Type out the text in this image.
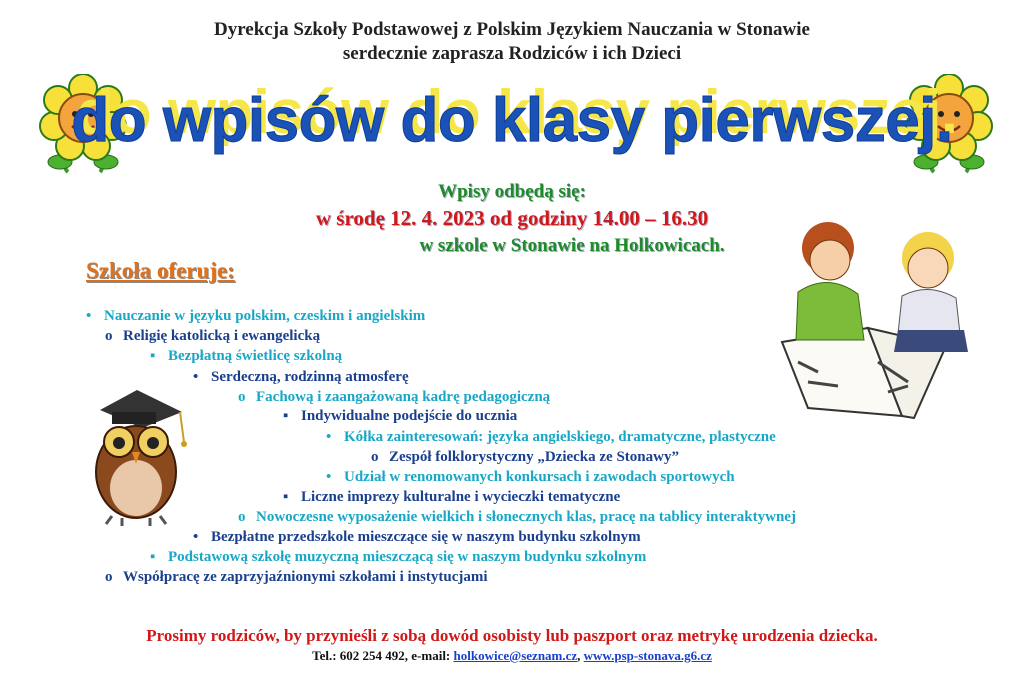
Dyrekcja Szkoły Podstawowej z Polskim Językiem Nauczania w Stonawie
serdecznie zaprasza Rodziców i ich Dzieci
do wpisów do klasy pierwszej.
Wpisy odbędą się:
w środę 12. 4. 2023 od godziny 14.00 – 16.30
w szkole w Stonawie na Holkowicach.
Szkoła oferuje:
• Nauczanie w języku polskim, czeskim i angielskim
o Religię katolicką i ewangelicką
▪ Bezpłatną świetlicę szkolną
• Serdeczną, rodzinną atmosferę
o Fachową i zaangażowaną kadrę pedagogiczną
▪ Indywidualne podejście do ucznia
• Kółka zainteresowań: języka angielskiego, dramatyczne, plastyczne
o Zespół folklorystyczny „Dziecka ze Stonawy”
• Udział w renomowanych konkursach i zawodach sportowych
▪ Liczne imprezy kulturalne i wycieczki tematyczne
o Nowoczesne wyposażenie wielkich i słonecznych klas, pracę na tablicy interaktywnej
• Bezpłatne przedszkole mieszczące się w naszym budynku szkolnym
▪ Podstawową szkołę muzyczną mieszczącą się w naszym budynku szkolnym
o Współpracę ze zaprzyjaźnionymi szkołami i instytucjami
Prosimy rodziców, by przynieśli z sobą dowód osobisty lub paszport oraz metrykę urodzenia dziecka.
Tel.: 602 254 492, e-mail: holkowice@seznam.cz, www.psp-stonava.g6.cz
